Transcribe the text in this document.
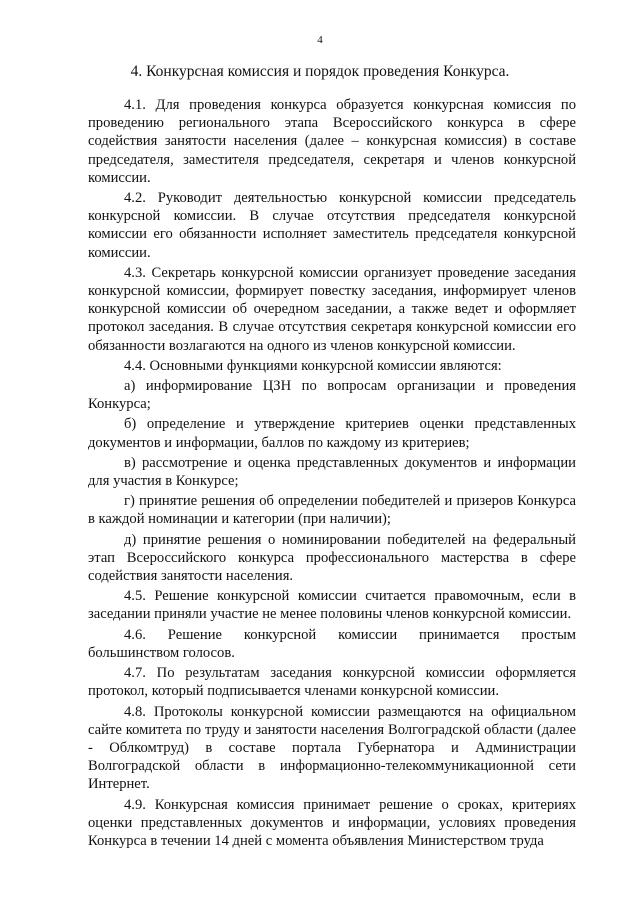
4
4. Конкурсная комиссия и порядок проведения Конкурса.

4.1. Для проведения конкурса образуется конкурсная комиссия по проведению регионального этапа Всероссийского конкурса в сфере содействия занятости населения (далее – конкурсная комиссия) в составе председателя, заместителя председателя, секретаря и членов конкурсной комиссии.

4.2. Руководит деятельностью конкурсной комиссии председатель конкурсной комиссии. В случае отсутствия председателя конкурсной комиссии его обязанности исполняет заместитель председателя конкурсной комиссии.

4.3. Секретарь конкурсной комиссии организует проведение заседания конкурсной комиссии, формирует повестку заседания, информирует членов конкурсной комиссии об очередном заседании, а также ведет и оформляет протокол заседания. В случае отсутствия секретаря конкурсной комиссии его обязанности возлагаются на одного из членов конкурсной комиссии.

4.4. Основными функциями конкурсной комиссии являются:

а) информирование ЦЗН по вопросам организации и проведения Конкурса;

б) определение и утверждение критериев оценки представленных документов и информации, баллов по каждому из критериев;

в) рассмотрение и оценка представленных документов и информации для участия в Конкурсе;

г) принятие решения об определении победителей и призеров Конкурса в каждой номинации и категории (при наличии);

д) принятие решения о номинировании победителей на федеральный этап Всероссийского конкурса профессионального мастерства в сфере содействия занятости населения.

4.5. Решение конкурсной комиссии считается правомочным, если в заседании приняли участие не менее половины членов конкурсной комиссии.

4.6. Решение конкурсной комиссии принимается простым большинством голосов.

4.7. По результатам заседания конкурсной комиссии оформляется протокол, который подписывается членами конкурсной комиссии.

4.8. Протоколы конкурсной комиссии размещаются на официальном сайте комитета по труду и занятости населения Волгоградской области (далее - Облкомтруд) в составе портала Губернатора и Администрации Волгоградской области в информационно-телекоммуникационной сети Интернет.

4.9. Конкурсная комиссия принимает решение о сроках, критериях оценки представленных документов и информации, условиях проведения Конкурса в течении 14 дней с момента объявления Министерством труда
